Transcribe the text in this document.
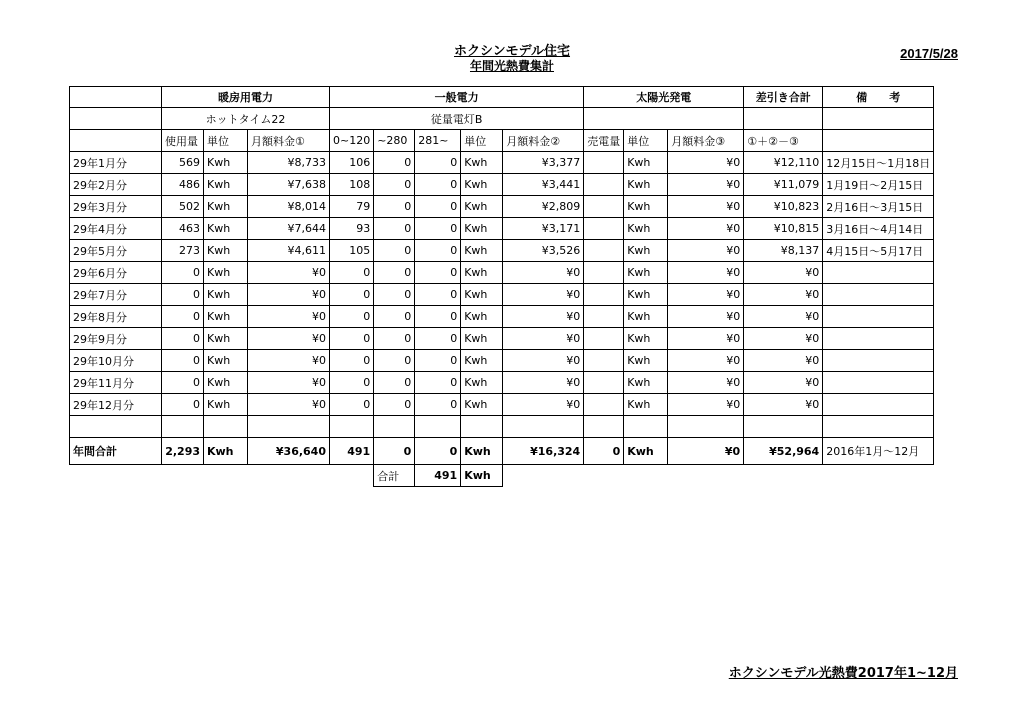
ホクシンモデル住宅
年間光熱費集計
2017/5/28
	暖房用電力			一般電力					太陽光発電			差引き合計	備　　考
	ホットタイム22			従量電灯B									
	使用量	単位	月額料金①	0~120	~280	281~	単位	月額料金②	売電量	単位	月額料金③	①＋②－③	
29年1月分	569	Kwh	¥8,733	106	0	0	Kwh	¥3,377		Kwh	¥0	¥12,110	12月15日～1月18日
29年2月分	486	Kwh	¥7,638	108	0	0	Kwh	¥3,441		Kwh	¥0	¥11,079	1月19日～2月15日
29年3月分	502	Kwh	¥8,014	79	0	0	Kwh	¥2,809		Kwh	¥0	¥10,823	2月16日～3月15日
29年4月分	463	Kwh	¥7,644	93	0	0	Kwh	¥3,171		Kwh	¥0	¥10,815	3月16日～4月14日
29年5月分	273	Kwh	¥4,611	105	0	0	Kwh	¥3,526		Kwh	¥0	¥8,137	4月15日～5月17日
29年6月分	0	Kwh	¥0	0	0	0	Kwh	¥0		Kwh	¥0	¥0	
29年7月分	0	Kwh	¥0	0	0	0	Kwh	¥0		Kwh	¥0	¥0	
29年8月分	0	Kwh	¥0	0	0	0	Kwh	¥0		Kwh	¥0	¥0	
29年9月分	0	Kwh	¥0	0	0	0	Kwh	¥0		Kwh	¥0	¥0	
29年10月分	0	Kwh	¥0	0	0	0	Kwh	¥0		Kwh	¥0	¥0	
29年11月分	0	Kwh	¥0	0	0	0	Kwh	¥0		Kwh	¥0	¥0	
29年12月分	0	Kwh	¥0	0	0	0	Kwh	¥0		Kwh	¥0	¥0	

年間合計	2,293	Kwh	¥36,640	491	0	0	Kwh	¥16,324	0	Kwh	¥0	¥52,964	2016年1月～12月
					合計	491	Kwh						
ホクシンモデル光熱費2017年1~12月
